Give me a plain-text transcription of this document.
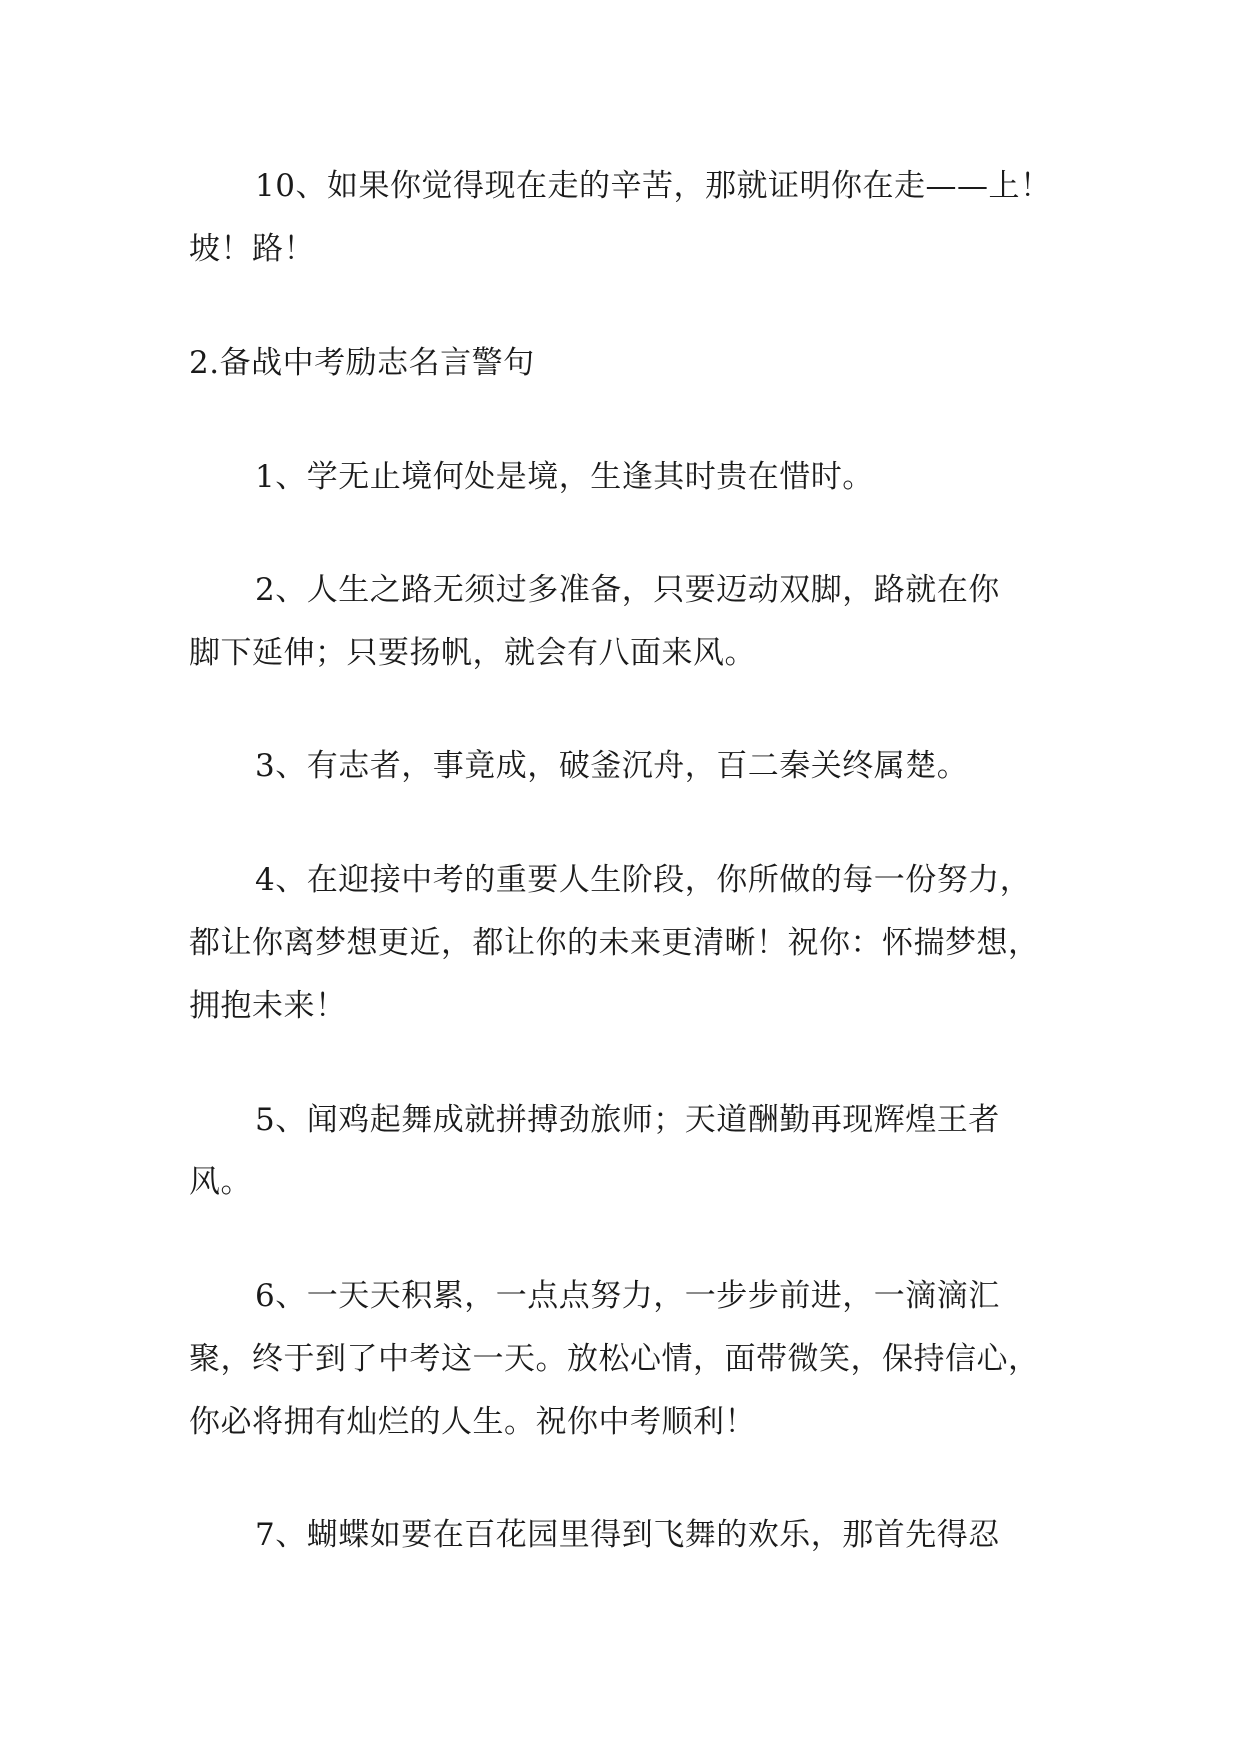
10、如果你觉得现在走的辛苦，那就证明你在走——上！
坡！路！
2.备战中考励志名言警句
1、学无止境何处是境，生逢其时贵在惜时。
2、人生之路无须过多准备，只要迈动双脚，路就在你
脚下延伸；只要扬帆，就会有八面来风。
3、有志者，事竟成，破釜沉舟，百二秦关终属楚。
4、在迎接中考的重要人生阶段，你所做的每一份努力，
都让你离梦想更近，都让你的未来更清晰！祝你：怀揣梦想，
拥抱未来！
5、闻鸡起舞成就拼搏劲旅师；天道酬勤再现辉煌王者
风。
6、一天天积累，一点点努力，一步步前进，一滴滴汇
聚，终于到了中考这一天。放松心情，面带微笑，保持信心，
你必将拥有灿烂的人生。祝你中考顺利！
7、蝴蝶如要在百花园里得到飞舞的欢乐，那首先得忍
